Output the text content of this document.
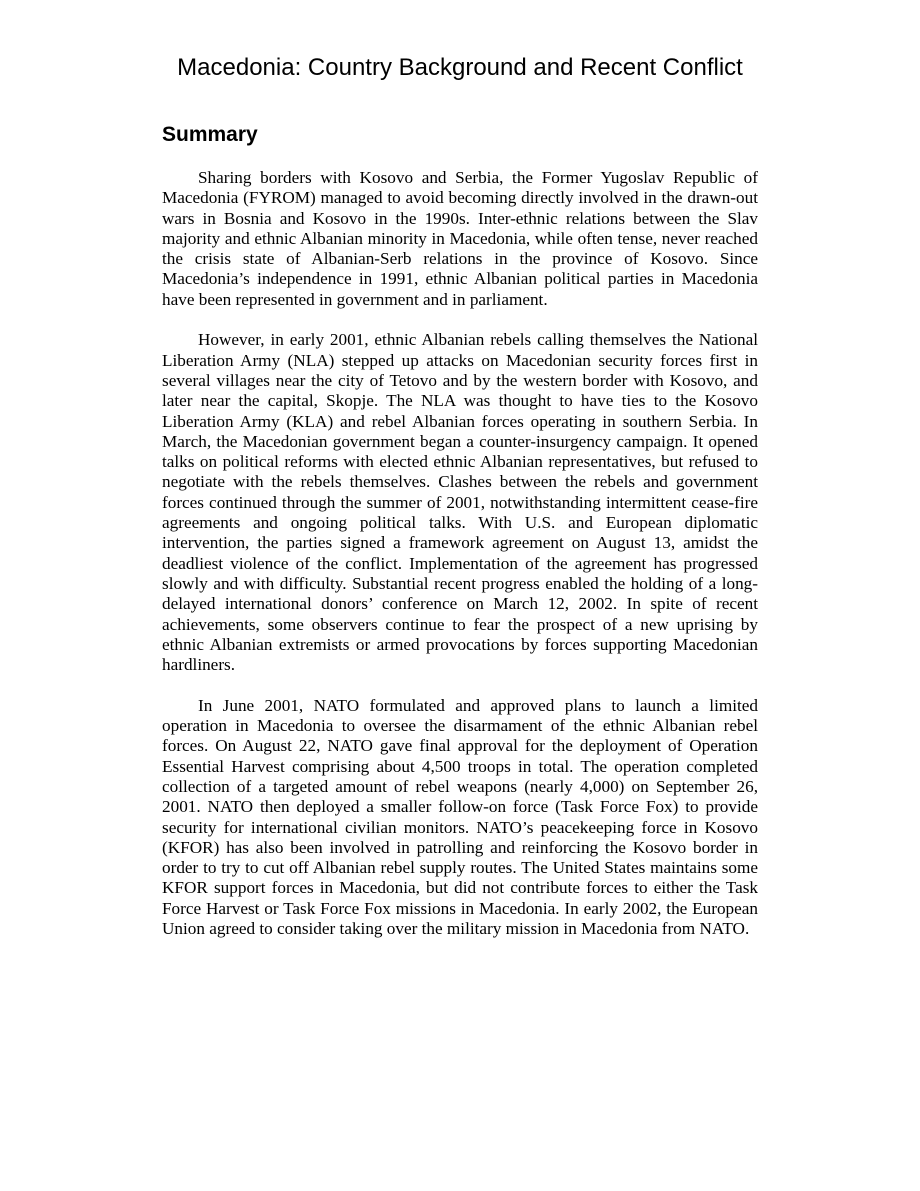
Macedonia: Country Background and Recent Conflict
Summary

Sharing borders with Kosovo and Serbia, the Former Yugoslav Republic of Macedonia (FYROM) managed to avoid becoming directly involved in the drawn-out wars in Bosnia and Kosovo in the 1990s. Inter-ethnic relations between the Slav majority and ethnic Albanian minority in Macedonia, while often tense, never reached the crisis state of Albanian-Serb relations in the province of Kosovo. Since Macedonia’s independence in 1991, ethnic Albanian political parties in Macedonia have been represented in government and in parliament.

However, in early 2001, ethnic Albanian rebels calling themselves the National Liberation Army (NLA) stepped up attacks on Macedonian security forces first in several villages near the city of Tetovo and by the western border with Kosovo, and later near the capital, Skopje. The NLA was thought to have ties to the Kosovo Liberation Army (KLA) and rebel Albanian forces operating in southern Serbia. In March, the Macedonian government began a counter-insurgency campaign. It opened talks on political reforms with elected ethnic Albanian representatives, but refused to negotiate with the rebels themselves. Clashes between the rebels and government forces continued through the summer of 2001, notwithstanding intermittent cease-fire agreements and ongoing political talks. With U.S. and European diplomatic intervention, the parties signed a framework agreement on August 13, amidst the deadliest violence of the conflict. Implementation of the agreement has progressed slowly and with difficulty. Substantial recent progress enabled the holding of a long-delayed international donors’ conference on March 12, 2002. In spite of recent achievements, some observers continue to fear the prospect of a new uprising by ethnic Albanian extremists or armed provocations by forces supporting Macedonian hardliners.

In June 2001, NATO formulated and approved plans to launch a limited operation in Macedonia to oversee the disarmament of the ethnic Albanian rebel forces. On August 22, NATO gave final approval for the deployment of Operation Essential Harvest comprising about 4,500 troops in total. The operation completed collection of a targeted amount of rebel weapons (nearly 4,000) on September 26, 2001. NATO then deployed a smaller follow-on force (Task Force Fox) to provide security for international civilian monitors. NATO’s peacekeeping force in Kosovo (KFOR) has also been involved in patrolling and reinforcing the Kosovo border in order to try to cut off Albanian rebel supply routes. The United States maintains some KFOR support forces in Macedonia, but did not contribute forces to either the Task Force Harvest or Task Force Fox missions in Macedonia. In early 2002, the European Union agreed to consider taking over the military mission in Macedonia from NATO.
